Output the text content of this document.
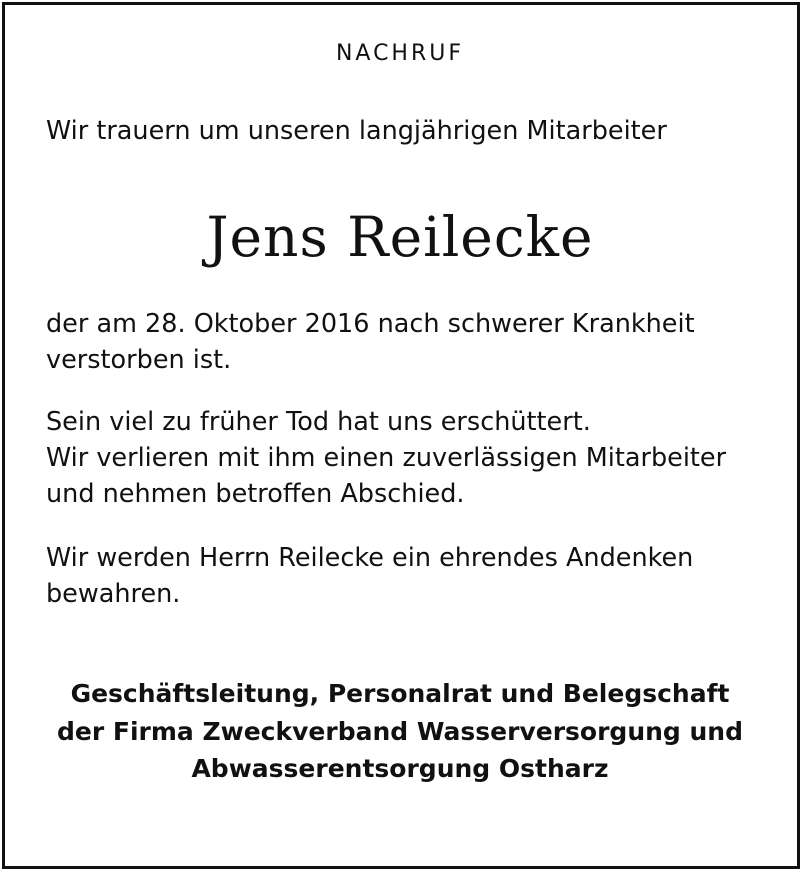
NACHRUF
Wir trauern um unseren langjährigen Mitarbeiter
Jens Reilecke
der am 28. Oktober 2016 nach schwerer Krankheit
verstorben ist.
Sein viel zu früher Tod hat uns erschüttert.
Wir verlieren mit ihm einen zuverlässigen Mitarbeiter
und nehmen betroffen Abschied.
Wir werden Herrn Reilecke ein ehrendes Andenken
bewahren.
Geschäftsleitung, Personalrat und Belegschaft
der Firma Zweckverband Wasserversorgung und
Abwasserentsorgung Ostharz
